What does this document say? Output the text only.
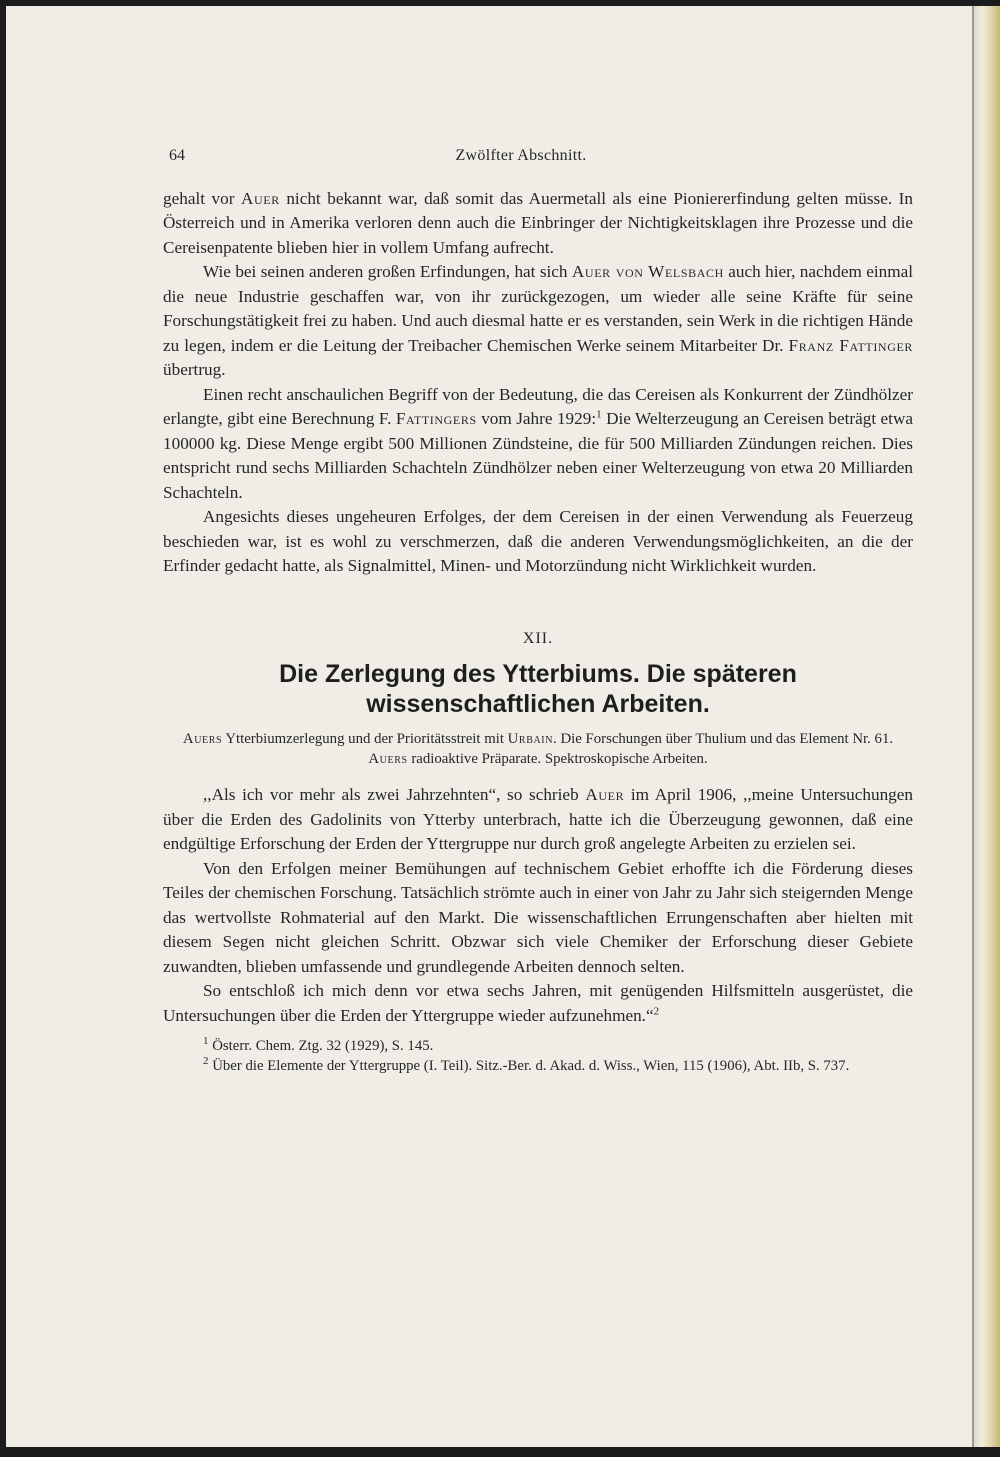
64	Zwölfter Abschnitt.

gehalt vor Auer nicht bekannt war, daß somit das Auermetall als eine Pioniererfindung gelten müsse. In Österreich und in Amerika verloren denn auch die Einbringer der Nichtigkeitsklagen ihre Prozesse und die Cereisenpatente blieben hier in vollem Umfang aufrecht.

Wie bei seinen anderen großen Erfindungen, hat sich Auer von Welsbach auch hier, nachdem einmal die neue Industrie geschaffen war, von ihr zurückgezogen, um wieder alle seine Kräfte für seine Forschungstätigkeit frei zu haben. Und auch diesmal hatte er es verstanden, sein Werk in die richtigen Hände zu legen, indem er die Leitung der Treibacher Chemischen Werke seinem Mitarbeiter Dr. Franz Fattinger übertrug.

Einen recht anschaulichen Begriff von der Bedeutung, die das Cereisen als Konkurrent der Zündhölzer erlangte, gibt eine Berechnung F. Fattingers vom Jahre 1929:$^1$ Die Welterzeugung an Cereisen beträgt etwa 100000 kg. Diese Menge ergibt 500 Millionen Zündsteine, die für 500 Milliarden Zündungen reichen. Dies entspricht rund sechs Milliarden Schachteln Zündhölzer neben einer Welterzeugung von etwa 20 Milliarden Schachteln.

Angesichts dieses ungeheuren Erfolges, der dem Cereisen in der einen Verwendung als Feuerzeug beschieden war, ist es wohl zu verschmerzen, daß die anderen Verwendungsmöglichkeiten, an die der Erfinder gedacht hatte, als Signalmittel, Minen- und Motorzündung nicht Wirklichkeit wurden.

XII.
Die Zerlegung des Ytterbiums. Die späteren
wissenschaftlichen Arbeiten.
Auers Ytterbiumzerlegung und der Prioritätsstreit mit Urbain. Die Forschungen über Thulium und das Element Nr. 61. Auers radioaktive Präparate. Spektroskopische Arbeiten.

,,Als ich vor mehr als zwei Jahrzehnten“, so schrieb Auer im April 1906, ,,meine Untersuchungen über die Erden des Gadolinits von Ytterby unterbrach, hatte ich die Überzeugung gewonnen, daß eine endgültige Erforschung der Erden der Yttergruppe nur durch groß angelegte Arbeiten zu erzielen sei.

Von den Erfolgen meiner Bemühungen auf technischem Gebiet erhoffte ich die Förderung dieses Teiles der chemischen Forschung. Tatsächlich strömte auch in einer von Jahr zu Jahr sich steigernden Menge das wertvollste Rohmaterial auf den Markt. Die wissenschaftlichen Errungenschaften aber hielten mit diesem Segen nicht gleichen Schritt. Obzwar sich viele Chemiker der Erforschung dieser Gebiete zuwandten, blieben umfassende und grundlegende Arbeiten dennoch selten.

So entschloß ich mich denn vor etwa sechs Jahren, mit genügenden Hilfsmitteln ausgerüstet, die Untersuchungen über die Erden der Yttergruppe wieder aufzunehmen.“$^2$

$^1$ Österr. Chem. Ztg. 32 (1929), S. 145.

$^2$ Über die Elemente der Yttergruppe (I. Teil). Sitz.-Ber. d. Akad. d. Wiss., Wien, 115 (1906), Abt. IIb, S. 737.
